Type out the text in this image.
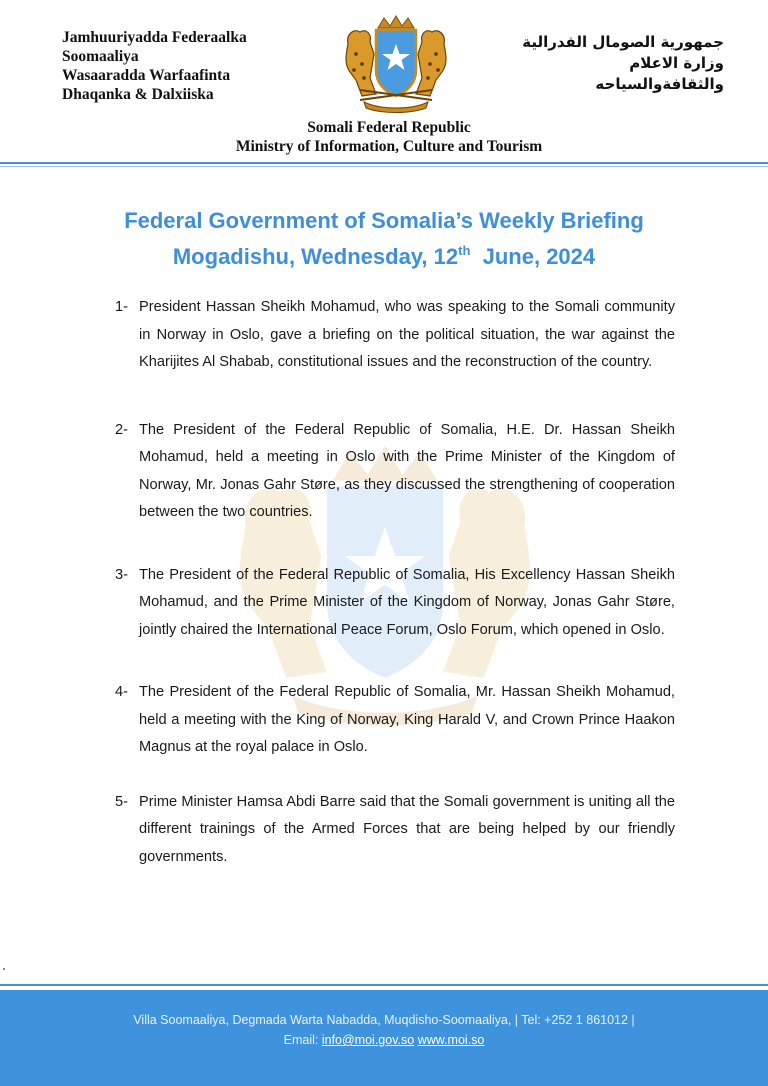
Jamhuuriyadda Federaalka
Soomaaliya
Wasaaradda Warfaafinta
Dhaqanka & Dalxiiska
جمهورية الصومال الفدرالية
وزارة الاعلام
والثقافةوالسياحه
Somali Federal Republic
Ministry of Information, Culture and Tourism
Federal Government of Somalia’s Weekly Briefing
Mogadishu, Wednesday, 12th  June, 2024
1- President Hassan Sheikh Mohamud, who was speaking to the Somali community in Norway in Oslo, gave a briefing on the political situation, the war against the Kharijites Al Shabab, constitutional issues and the reconstruction of the country.
2- The President of the Federal Republic of Somalia, H.E. Dr. Hassan Sheikh Mohamud, held a meeting in Oslo with the Prime Minister of the Kingdom of Norway, Mr. Jonas Gahr Støre, as they discussed the strengthening of cooperation between the two countries.
3- The President of the Federal Republic of Somalia, His Excellency Hassan Sheikh Mohamud, and the Prime Minister of the Kingdom of Norway, Jonas Gahr Støre, jointly chaired the International Peace Forum, Oslo Forum, which opened in Oslo.
4- The President of the Federal Republic of Somalia, Mr. Hassan Sheikh Mohamud, held a meeting with the King of Norway, King Harald V, and Crown Prince Haakon Magnus at the royal palace in Oslo.
5- Prime Minister Hamsa Abdi Barre said that the Somali government is uniting all the different trainings of the Armed Forces that are being helped by our friendly governments.
Villa Soomaaliya, Degmada Warta Nabadda, Muqdisho-Soomaaliya, | Tel: +252 1 861012 |
Email: info@moi.gov.so www.moi.so
